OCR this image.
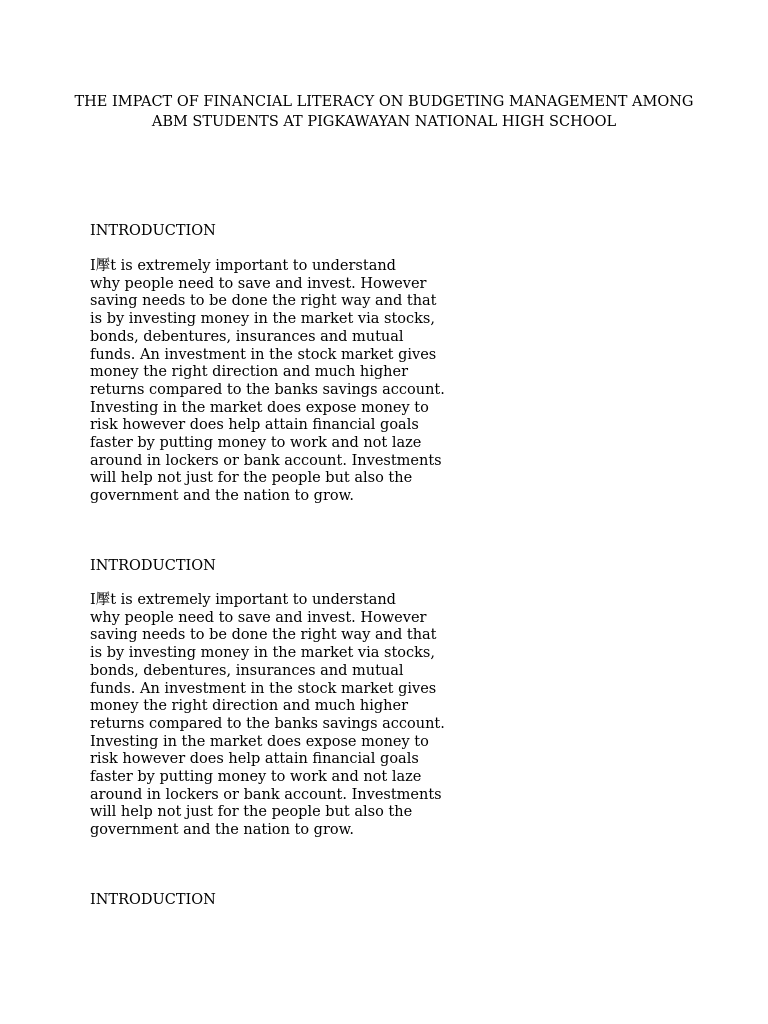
THE IMPACT OF FINANCIAL LITERACY ON BUDGETING MANAGEMENT AMONG
ABM STUDENTS AT PIGKAWAYAN NATIONAL HIGH SCHOOL
INTRODUCTION
I擪t is extremely important to understand
why people need to save and invest. However
saving needs to be done the right way and that
is by investing money in the market via stocks,
bonds, debentures, insurances and mutual
funds. An investment in the stock market gives
money the right direction and much higher
returns compared to the banks savings account.
Investing in the market does expose money to
risk however does help attain financial goals
faster by putting money to work and not laze
around in lockers or bank account. Investments
will help not just for the people but also the
government and the nation to grow.
INTRODUCTION
I擪t is extremely important to understand
why people need to save and invest. However
saving needs to be done the right way and that
is by investing money in the market via stocks,
bonds, debentures, insurances and mutual
funds. An investment in the stock market gives
money the right direction and much higher
returns compared to the banks savings account.
Investing in the market does expose money to
risk however does help attain financial goals
faster by putting money to work and not laze
around in lockers or bank account. Investments
will help not just for the people but also the
government and the nation to grow.
INTRODUCTION
